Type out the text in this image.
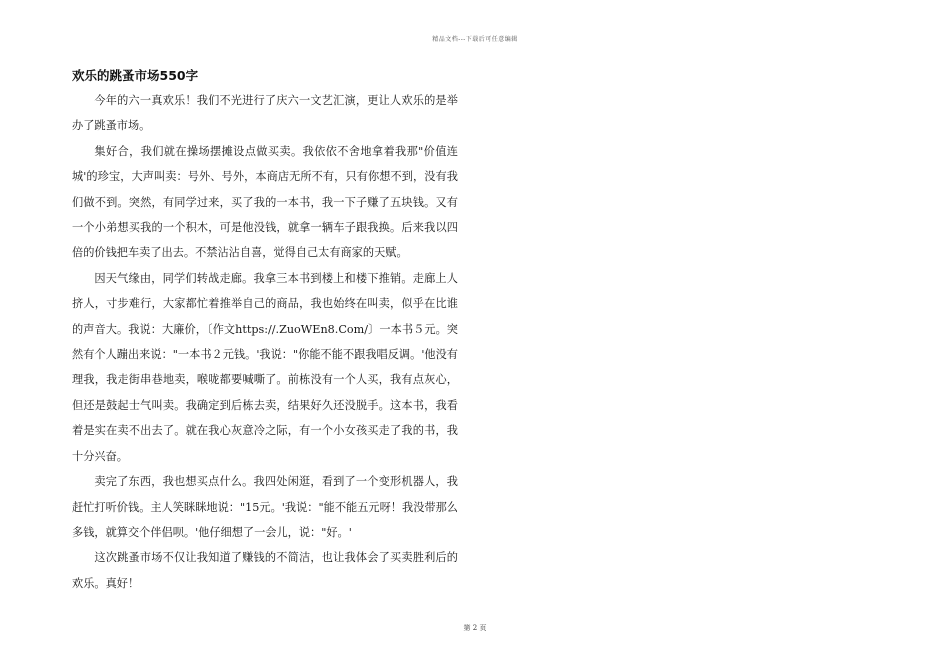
精品文档---下载后可任意编辑
欢乐的跳蚤市场550字

今年的六一真欢乐！我们不光进行了庆六一文艺汇演，更让人欢乐的是举办了跳蚤市场。

集好合，我们就在操场摆摊设点做买卖。我依依不舍地拿着我那"价值连城'的珍宝，大声叫卖：号外、号外，本商店无所不有，只有你想不到，没有我们做不到。突然，有同学过来，买了我的一本书，我一下子赚了五块钱。又有一个小弟想买我的一个积木，可是他没钱，就拿一辆车子跟我换。后来我以四倍的价钱把车卖了出去。不禁沾沾自喜，觉得自己太有商家的天赋。

因天气缘由，同学们转战走廊。我拿三本书到楼上和楼下推销。走廊上人挤人，寸步难行，大家都忙着推举自己的商品，我也始终在叫卖，似乎在比谁的声音大。我说：大廉价，〔作文https://.ZuoWEn8.Com/〕一本书５元。突然有个人蹦出来说："一本书２元钱。'我说："你能不能不跟我唱反调。'他没有理我，我走街串巷地卖，喉咙都要喊嘶了。前栋没有一个人买，我有点灰心，但还是鼓起士气叫卖。我确定到后栋去卖，结果好久还没脱手。这本书，我看着是实在卖不出去了。就在我心灰意冷之际，有一个小女孩买走了我的书，我十分兴奋。

卖完了东西，我也想买点什么。我四处闲逛，看到了一个变形机器人，我赶忙打听价钱。主人笑眯眯地说："15元。'我说："能不能五元呀！我没带那么多钱，就算交个伴侣呗。'他仔细想了一会儿，说："好。'

这次跳蚤市场不仅让我知道了赚钱的不简洁，也让我体会了买卖胜利后的欢乐。真好！

第 2 页
